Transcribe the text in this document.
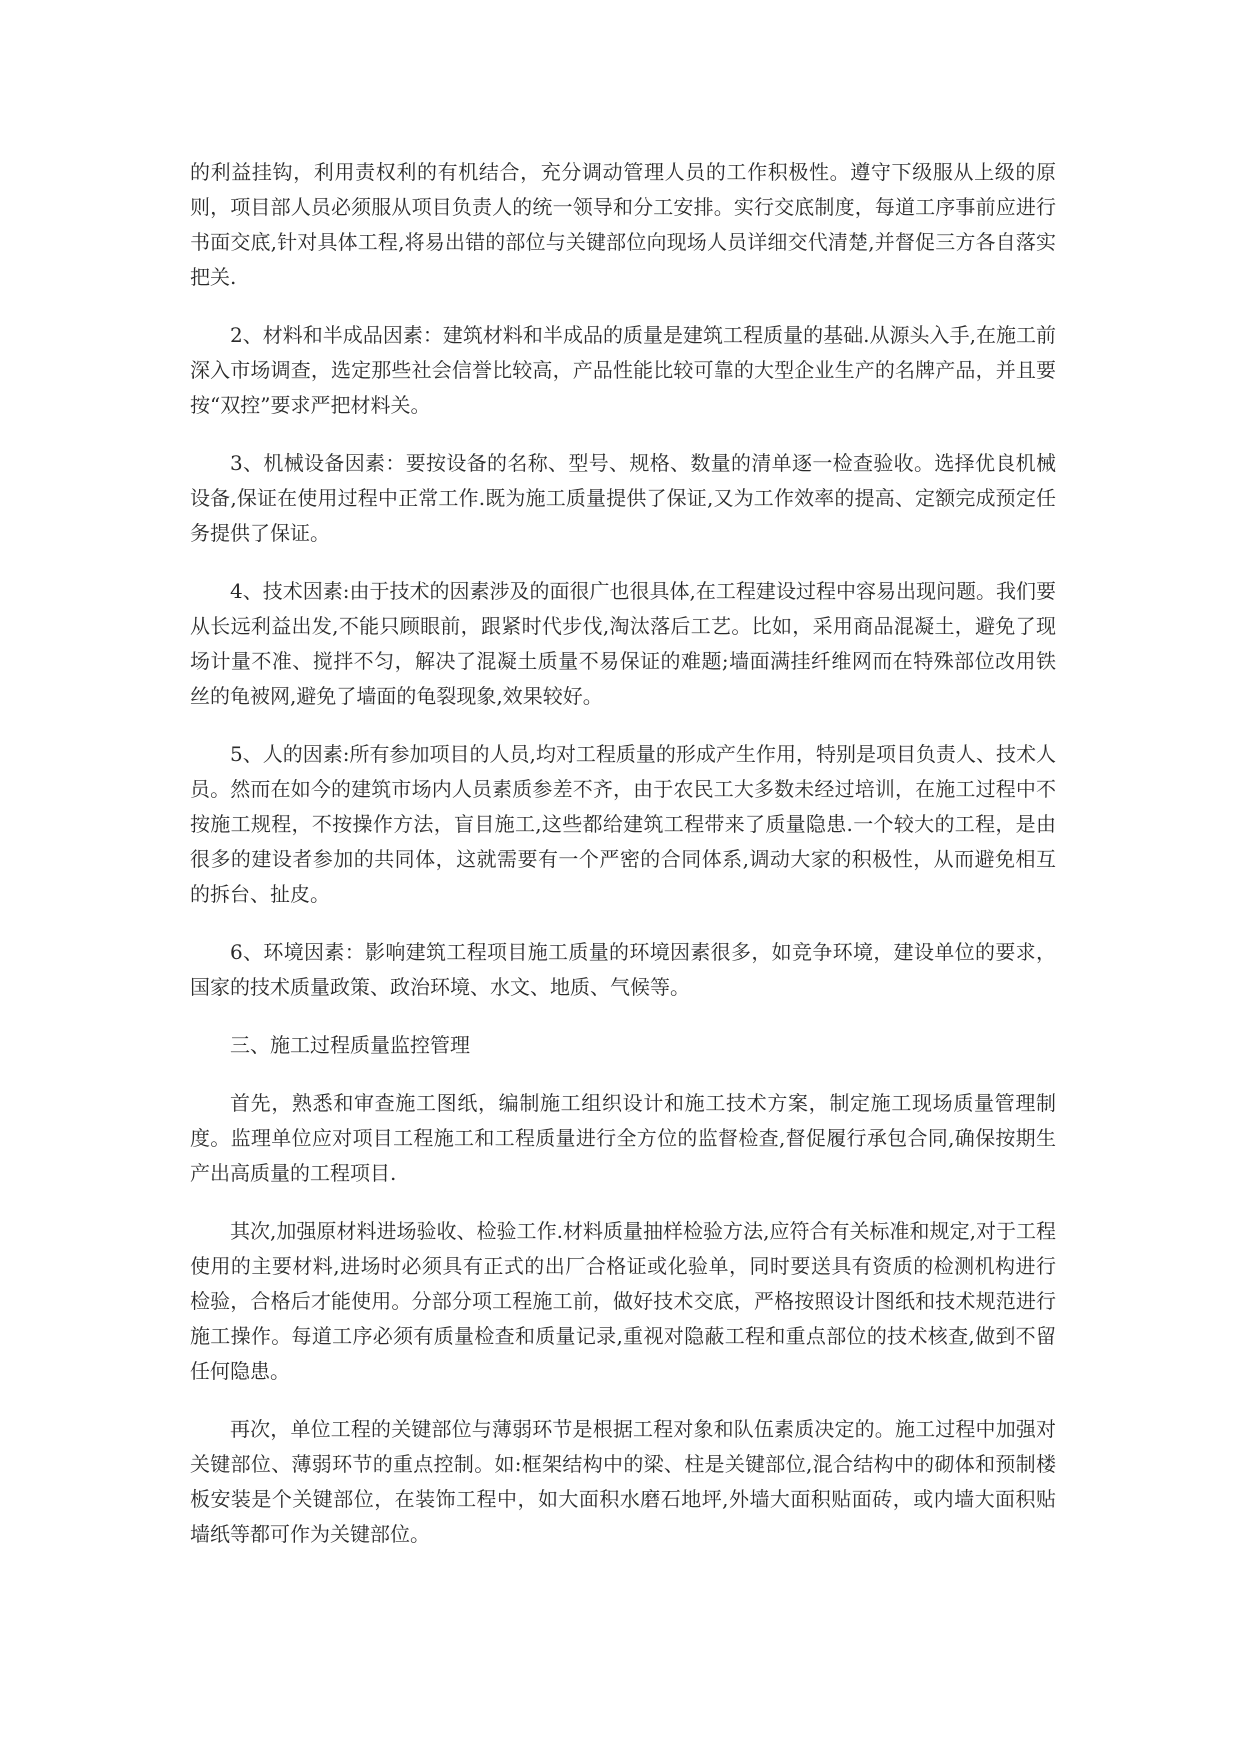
的利益挂钩，利用责权利的有机结合，充分调动管理人员的工作积极性。遵守下级服从上级的原则，项目部人员必须服从项目负责人的统一领导和分工安排。实行交底制度，每道工序事前应进行书面交底,针对具体工程,将易出错的部位与关键部位向现场人员详细交代清楚,并督促三方各自落实把关.

2、材料和半成品因素：建筑材料和半成品的质量是建筑工程质量的基础.从源头入手,在施工前深入市场调查，选定那些社会信誉比较高，产品性能比较可靠的大型企业生产的名牌产品，并且要按“双控”要求严把材料关。

3、机械设备因素：要按设备的名称、型号、规格、数量的清单逐一检查验收。选择优良机械设备,保证在使用过程中正常工作.既为施工质量提供了保证,又为工作效率的提高、定额完成预定任务提供了保证。

4、技术因素:由于技术的因素涉及的面很广也很具体,在工程建设过程中容易出现问题。我们要从长远利益出发,不能只顾眼前，跟紧时代步伐,淘汰落后工艺。比如，采用商品混凝土，避免了现场计量不准、搅拌不匀，解决了混凝土质量不易保证的难题;墙面满挂纤维网而在特殊部位改用铁丝的龟被网,避免了墙面的龟裂现象,效果较好。

5、人的因素:所有参加项目的人员,均对工程质量的形成产生作用，特别是项目负责人、技术人员。然而在如今的建筑市场内人员素质参差不齐，由于农民工大多数未经过培训，在施工过程中不按施工规程，不按操作方法，盲目施工,这些都给建筑工程带来了质量隐患.一个较大的工程，是由很多的建设者参加的共同体，这就需要有一个严密的合同体系,调动大家的积极性，从而避免相互的拆台、扯皮。

6、环境因素：影响建筑工程项目施工质量的环境因素很多，如竞争环境，建设单位的要求，国家的技术质量政策、政治环境、水文、地质、气候等。

三、施工过程质量监控管理

首先，熟悉和审查施工图纸，编制施工组织设计和施工技术方案，制定施工现场质量管理制度。监理单位应对项目工程施工和工程质量进行全方位的监督检查,督促履行承包合同,确保按期生产出高质量的工程项目.

其次,加强原材料进场验收、检验工作.材料质量抽样检验方法,应符合有关标准和规定,对于工程使用的主要材料,进场时必须具有正式的出厂合格证或化验单，同时要送具有资质的检测机构进行检验，合格后才能使用。分部分项工程施工前，做好技术交底，严格按照设计图纸和技术规范进行施工操作。每道工序必须有质量检查和质量记录,重视对隐蔽工程和重点部位的技术核查,做到不留任何隐患。

再次，单位工程的关键部位与薄弱环节是根据工程对象和队伍素质决定的。施工过程中加强对关键部位、薄弱环节的重点控制。如:框架结构中的梁、柱是关键部位,混合结构中的砌体和预制楼板安装是个关键部位，在装饰工程中，如大面积水磨石地坪,外墙大面积贴面砖，或内墙大面积贴墙纸等都可作为关键部位。
